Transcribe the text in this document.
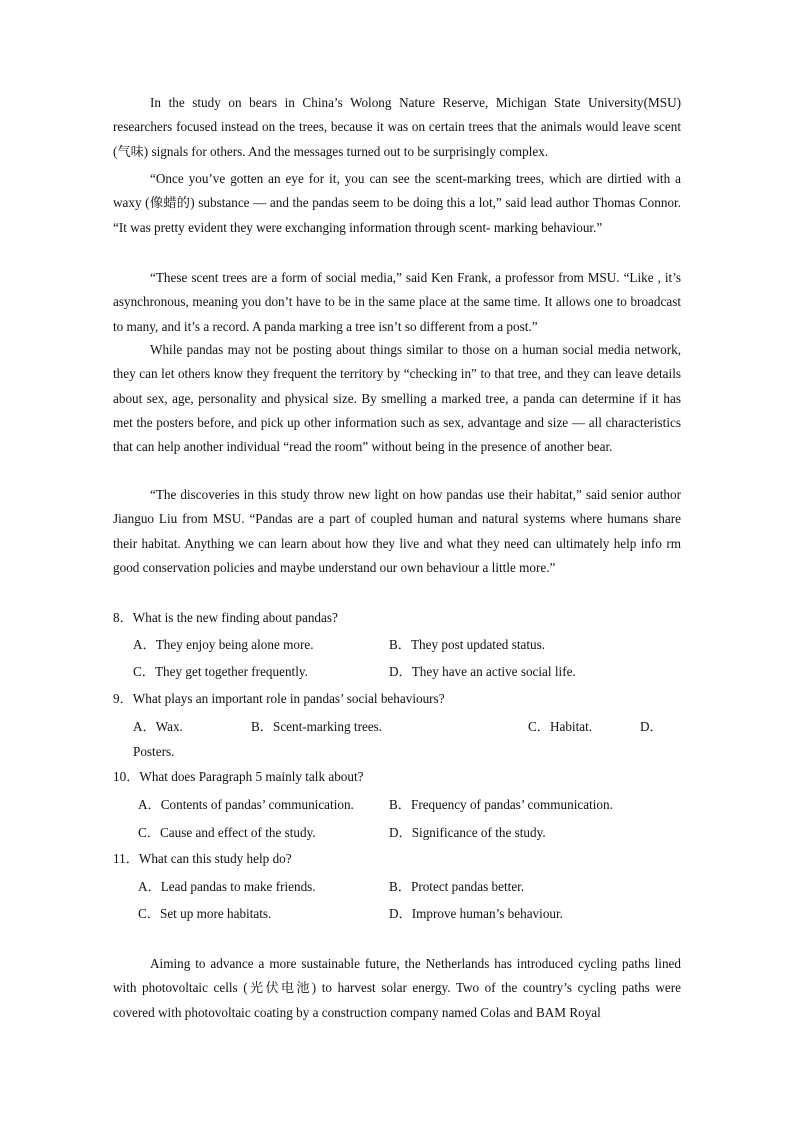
In the study on bears in China’s Wolong Nature Reserve, Michigan State University(MSU) researchers focused instead on the trees, because it was on certain trees that the animals would leave scent (气味) signals for others. And the messages turned out to be surprisingly complex.

“Once you’ve gotten an eye for it, you can see the scent-marking trees, which are dirtied with a waxy (像蜡的) substance — and the pandas seem to be doing this a lot,” said lead author Thomas Connor. “It was pretty evident they were exchanging information through scent- marking behaviour.”

“These scent trees are a form of social media,” said Ken Frank, a professor from MSU. “Like , it’s asynchronous, meaning you don’t have to be in the same place at the same time. It allows one to broadcast to many, and it’s a record. A panda marking a tree isn’t so different from a post.”

While pandas may not be posting about things similar to those on a human social media network, they can let others know they frequent the territory by “checking in” to that tree, and they can leave details about sex, age, personality and physical size. By smelling a marked tree, a panda can determine if it has met the posters before, and pick up other information such as sex, advantage and size — all characteristics that can help another individual “read the room” without being in the presence of another bear.

“The discoveries in this study throw new light on how pandas use their habitat,” said senior author Jianguo Liu from MSU. “Pandas are a part of coupled human and natural systems where humans share their habitat. Anything we can learn about how they live and what they need can ultimately help info rm good conservation policies and maybe understand our own behaviour a little more.”

8．What is the new finding about pandas?
A．They enjoy being alone more.	B．They post updated status.
C．They get together frequently.	D．They have an active social life.
9．What plays an important role in pandas’ social behaviours?
A．Wax.	B．Scent-marking trees.	C．Habitat.	D．
Posters.
10．What does Paragraph 5 mainly talk about?
A．Contents of pandas’ communication.	B．Frequency of pandas’ communication.
C．Cause and effect of the study.	D．Significance of the study.
11．What can this study help do?
A．Lead pandas to make friends.	B．Protect pandas better.
C．Set up more habitats.	D．Improve human’s behaviour.

Aiming to advance a more sustainable future, the Netherlands has introduced cycling paths lined with photovoltaic cells (光伏电池) to harvest solar energy. Two of the country’s cycling paths were covered with photovoltaic coating by a construction company named Colas and BAM Royal
